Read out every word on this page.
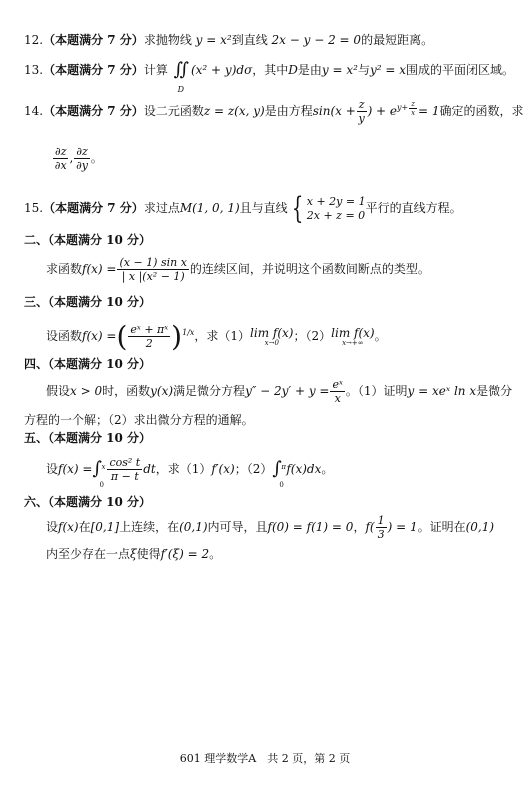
12.（本题满分 7 分）求抛物线 y = x²到直线 2x − y − 2 = 0的最短距离。
13.（本题满分 7 分）计算 ∬
D
(x² + y)dσ，其中D是由y = x²与y² = x围成的平面闭区域。
14.（本题满分 7 分）设二元函数z = z(x, y)是由方程$\sin(x + \frac{z}{y}$ ) + $e^{y+ \frac{z}{x}} = 1$确定的函数，求
$\frac{\partial z}{\partial x}$ , $\frac{\partial z}{\partial y}$ 。
15.（本题满分 7 分）求过点M(1, 0, 1)且与直线 { x + 2y = 1
2x + z = 0 平行的直线方程。
二、（本题满分 10 分）
求函数$f(x) = \frac{\text{(x − 1) sin x}}{\text{| x |(x² − 1)}}$ 的连续区间，并说明这个函数间断点的类型。
三、（本题满分 10 分）
设函数f(x) =( $\frac{\text{eˣ + πˣ}}{2} )^{1/x}$，求（1） lim f(x)
x→0	；（2） lim f(x)
x→+∞ 。
四、（本题满分 10 分）
假设x > 0时，函数y(x)满足微分方程$y'' - 2y' + y = \frac{\text{eˣ}}{x}$ 。（1）证明y = xeˣ ln x是微分
方程的一个解；（2）求出微分方程的通解。
五、（本题满分 10 分）
设f(x) =∫ x
0
$\frac{\text{cos² t}}{\pi - t}$ dt，求（1）f′(x)；（2）∫ π
0
f(x)dx。
六、（本题满分 10 分）
设f(x)在[0,1]上连续，在(0,1)内可导，且f(0) = f(1) = 0，$f( \frac{1}{3}$ ) = 1。证明在(0,1)
内至少存在一点ξ使得f′(ξ) = 2。
601 理学数学A　共 2 页，第 2 页
